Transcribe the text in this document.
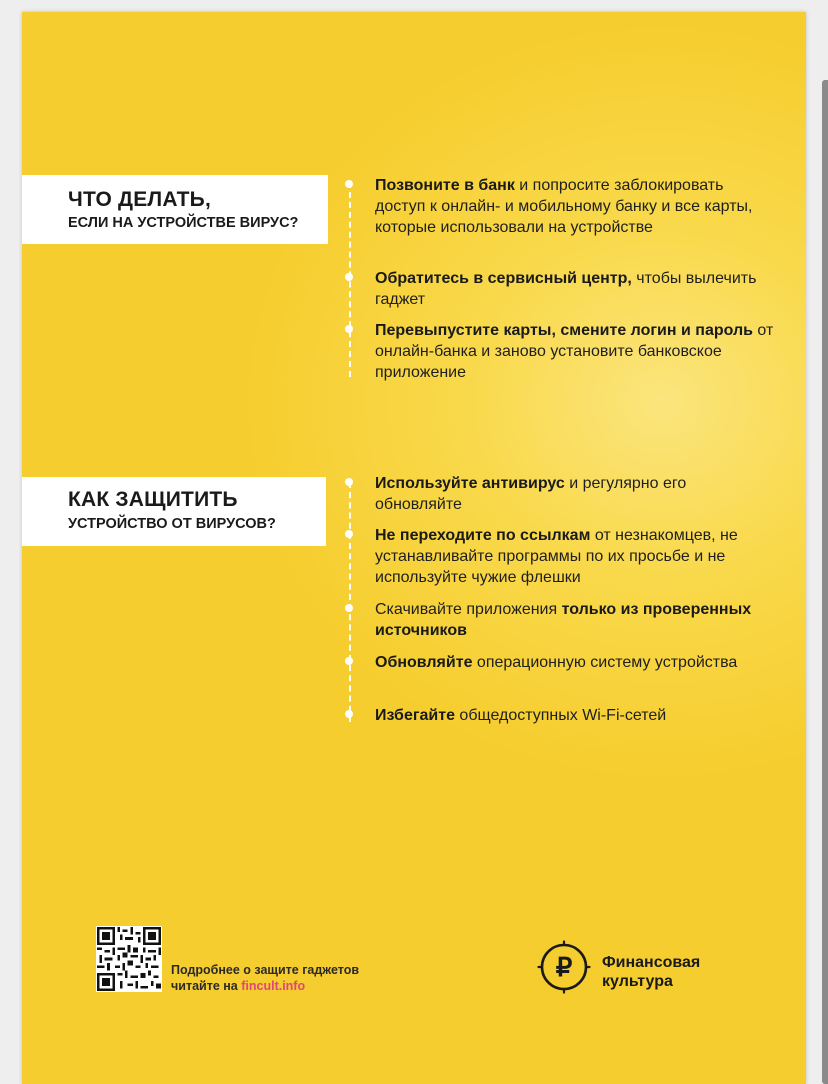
ЧТО ДЕЛАТЬ,
ЕСЛИ НА УСТРОЙСТВЕ ВИРУС?
Позвоните в банк и попросите заблокировать доступ к онлайн- и мобильному банку и все карты, которые использовали на устройстве
Обратитесь в сервисный центр, чтобы вылечить гаджет
Перевыпустите карты, смените логин и пароль от онлайн-банка и заново установите банковское приложение
КАК ЗАЩИТИТЬ
УСТРОЙСТВО ОТ ВИРУСОВ?
Используйте антивирус и регулярно его обновляйте
Не переходите по ссылкам от незнакомцев, не устанавливайте программы по их просьбе и не используйте чужие флешки
Скачивайте приложения только из проверенных источников
Обновляйте операционную систему устройства
Избегайте общедоступных Wi-Fi-сетей
Подробнее о защите гаджетов
читайте на fincult.info
₽ Финансовая
культура
